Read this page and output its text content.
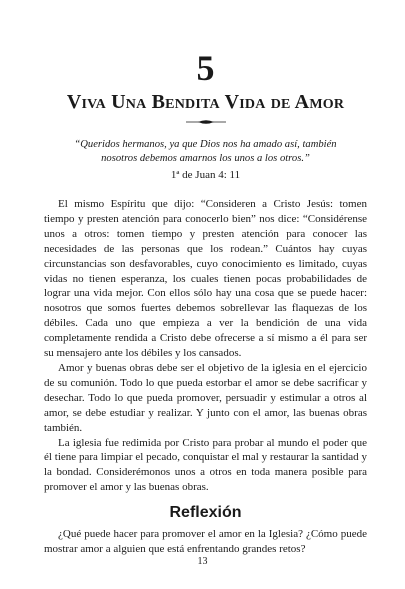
5
Viva Una Bendita Vida de Amor

“Queridos hermanos, ya que Dios nos ha amado así, también nosotros debemos amarnos los unos a los otros.”

1ª de Juan 4: 11

El mismo Espíritu que dijo: “Consideren a Cristo Jesús: tomen tiempo y presten atención para conocerlo bien” nos dice: “Considérense unos a otros: tomen tiempo y presten atención para conocer las necesidades de las personas que los rodean.” Cuántos hay cuyas circunstancias son desfavorables, cuyo conocimiento es limitado, cuyas vidas no tienen esperanza, los cuales tienen pocas probabilidades de lograr una vida mejor. Con ellos sólo hay una cosa que se puede hacer: nosotros que somos fuertes debemos sobrellevar las flaquezas de los débiles. Cada uno que empieza a ver la bendición de una vida completamente rendida a Cristo debe ofrecerse a sí mismo a él para ser su mensajero ante los débiles y los cansados.

Amor y buenas obras debe ser el objetivo de la iglesia en el ejercicio de su comunión. Todo lo que pueda estorbar el amor se debe sacrificar y desechar. Todo lo que pueda promover, persuadir y estimular a otros al amor, se debe estudiar y realizar. Y junto con el amor, las buenas obras también.

La iglesia fue redimida por Cristo para probar al mundo el poder que él tiene para limpiar el pecado, conquistar el mal y restaurar la santidad y la bondad. Considerémonos unos a otros en toda manera posible para promover el amor y las buenas obras.

Reflexión

¿Qué puede hacer para promover el amor en la Iglesia? ¿Cómo puede mostrar amor a alguien que está enfrentando grandes retos?

13
